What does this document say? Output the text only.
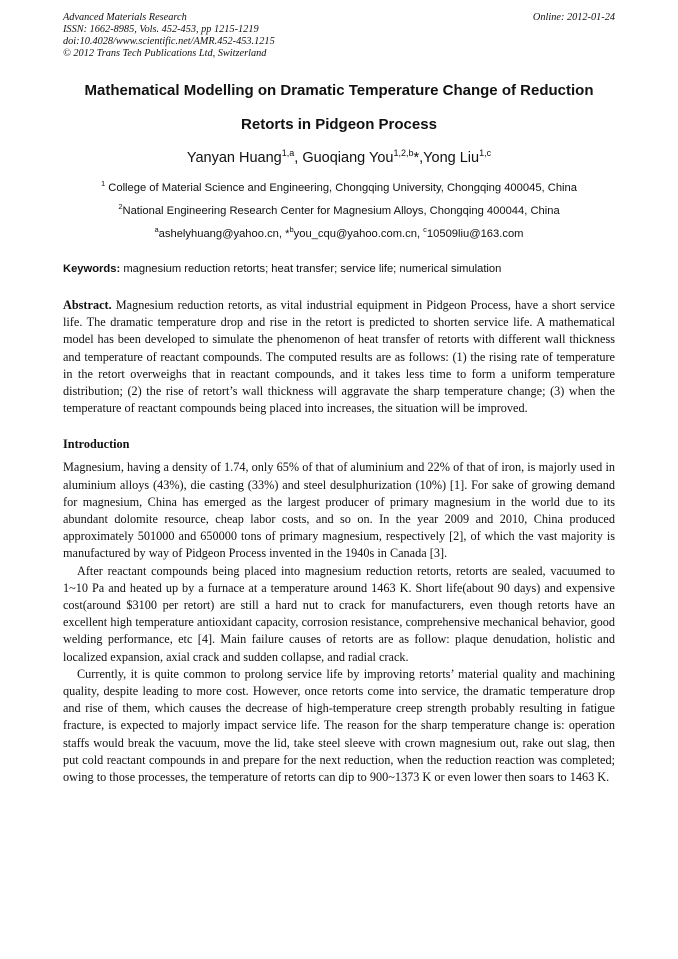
Advanced Materials Research	Online: 2012-01-24
ISSN: 1662-8985, Vols. 452-453, pp 1215-1219
doi:10.4028/www.scientific.net/AMR.452-453.1215
© 2012 Trans Tech Publications Ltd, Switzerland
Mathematical Modelling on Dramatic Temperature Change of Reduction
Retorts in Pidgeon Process
Yanyan Huang$^{1,a}$, Guoqiang You$^{1,2,b}$*,Yong Liu$^{1,c}$
$^1$ College of Material Science and Engineering, Chongqing University, Chongqing 400045, China
$^2$National Engineering Research Center for Magnesium Alloys, Chongqing 400044, China
$^a$ashelyhuang@yahoo.cn, *$^b$you_cqu@yahoo.com.cn, $^c$10509liu@163.com
Keywords: magnesium reduction retorts; heat transfer; service life; numerical simulation

Abstract. Magnesium reduction retorts, as vital industrial equipment in Pidgeon Process, have a short service life. The dramatic temperature drop and rise in the retort is predicted to shorten service life. A mathematical model has been developed to simulate the phenomenon of heat transfer of retorts with different wall thickness and temperature of reactant compounds. The computed results are as follows: (1) the rising rate of temperature in the retort overweighs that in reactant compounds, and it takes less time to form a uniform temperature distribution; (2) the rise of retort’s wall thickness will aggravate the sharp temperature change; (3) when the temperature of reactant compounds being placed into increases, the situation will be improved.

Introduction

Magnesium, having a density of 1.74, only 65% of that of aluminium and 22% of that of iron, is majorly used in aluminium alloys (43%), die casting (33%) and steel desulphurization (10%) [1]. For sake of growing demand for magnesium, China has emerged as the largest producer of primary magnesium in the world due to its abundant dolomite resource, cheap labor costs, and so on. In the year 2009 and 2010, China produced approximately 501000 and 650000 tons of primary magnesium, respectively [2], of which the vast majority is manufactured by way of Pidgeon Process invented in the 1940s in Canada [3].

After reactant compounds being placed into magnesium reduction retorts, retorts are sealed, vacuumed to 1~10 Pa and heated up by a furnace at a temperature around 1463 K. Short life(about 90 days) and expensive cost(around $3100 per retort) are still a hard nut to crack for manufacturers, even though retorts have an excellent high temperature antioxidant capacity, corrosion resistance, comprehensive mechanical behavior, good welding performance, etc [4]. Main failure causes of retorts are as follow: plaque denudation, holistic and localized expansion, axial crack and sudden collapse, and radial crack.

Currently, it is quite common to prolong service life by improving retorts’ material quality and machining quality, despite leading to more cost. However, once retorts come into service, the dramatic temperature drop and rise of them, which causes the decrease of high-temperature creep strength probably resulting in fatigue fracture, is expected to majorly impact service life. The reason for the sharp temperature change is: operation staffs would break the vacuum, move the lid, take steel sleeve with crown magnesium out, rake out slag, then put cold reactant compounds in and prepare for the next reduction, when the reduction reaction was completed; owing to those processes, the temperature of retorts can dip to 900~1373 K or even lower then soars to 1463 K.
